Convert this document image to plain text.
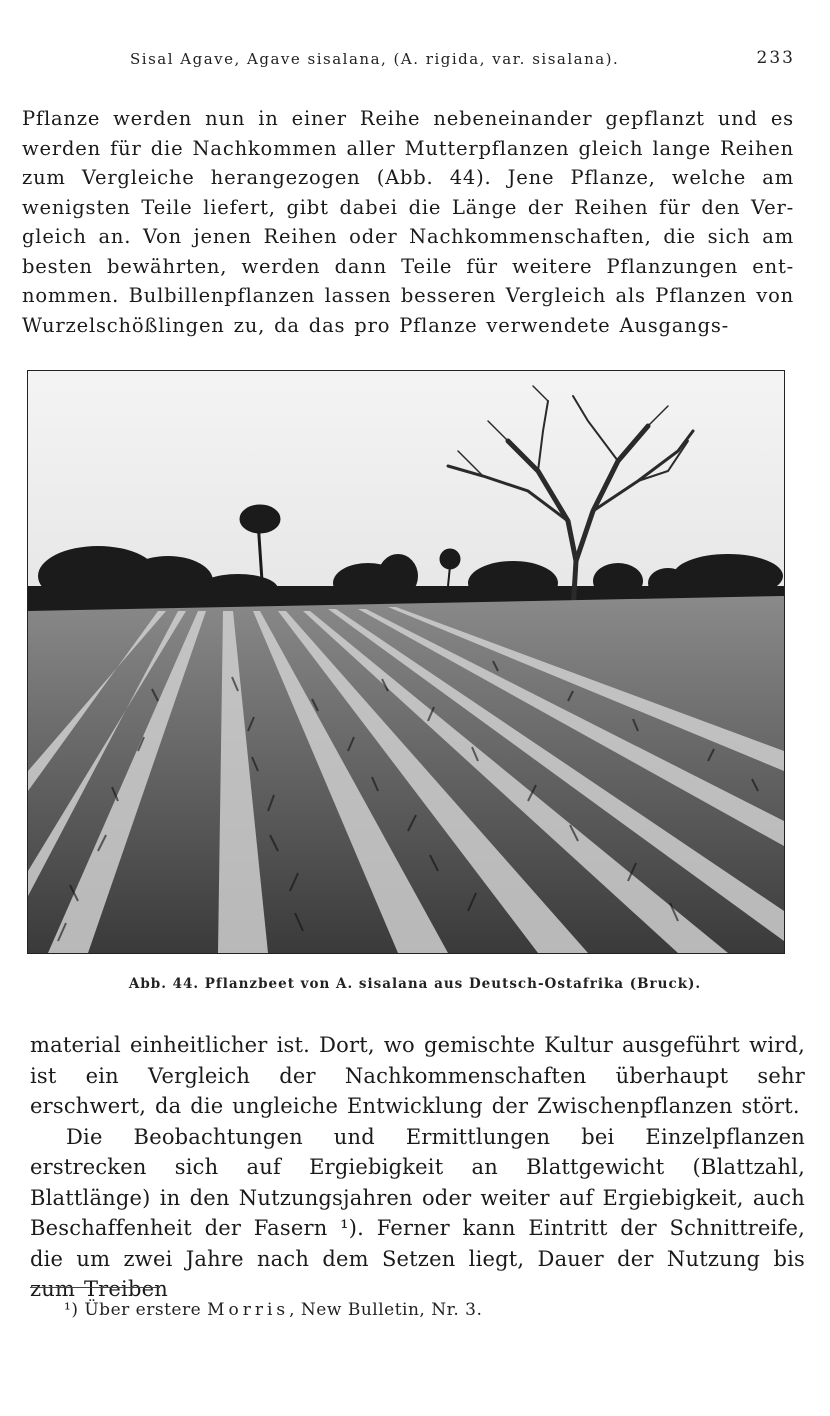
Sisal Agave, Agave sisalana, (A. rigida, var. sisalana).	233
Pflanze werden nun in einer Reihe nebeneinander gepflanzt und es werden für die Nachkommen aller Mutterpflanzen gleich lange Reihen zum Vergleiche herangezogen (Abb. 44). Jene Pflanze, welche am wenigsten Teile liefert, gibt dabei die Länge der Reihen für den Ver- gleich an. Von jenen Reihen oder Nachkommenschaften, die sich am besten bewährten, werden dann Teile für weitere Pflanzungen ent- nommen. Bulbillenpflanzen lassen besseren Vergleich als Pflanzen von Wurzelschößlingen zu, da das pro Pflanze verwendete Ausgangs-
Abb. 44. Pflanzbeet von A. sisalana aus Deutsch-Ostafrika (Bruck).
material einheitlicher ist. Dort, wo gemischte Kultur ausgeführt wird, ist ein Vergleich der Nachkommenschaften überhaupt sehr erschwert, da die ungleiche Entwicklung der Zwischenpflanzen stört.
Die Beobachtungen und Ermittlungen bei Einzelpflanzen erstrecken sich auf Ergiebigkeit an Blattgewicht (Blattzahl, Blattlänge) in den Nutzungsjahren oder weiter auf Ergiebigkeit, auch Beschaffenheit der Fasern ¹). Ferner kann Eintritt der Schnittreife, die um zwei Jahre nach dem Setzen liegt, Dauer der Nutzung bis zum Treiben
¹) Über erstere Morris, New Bulletin, Nr. 3.
